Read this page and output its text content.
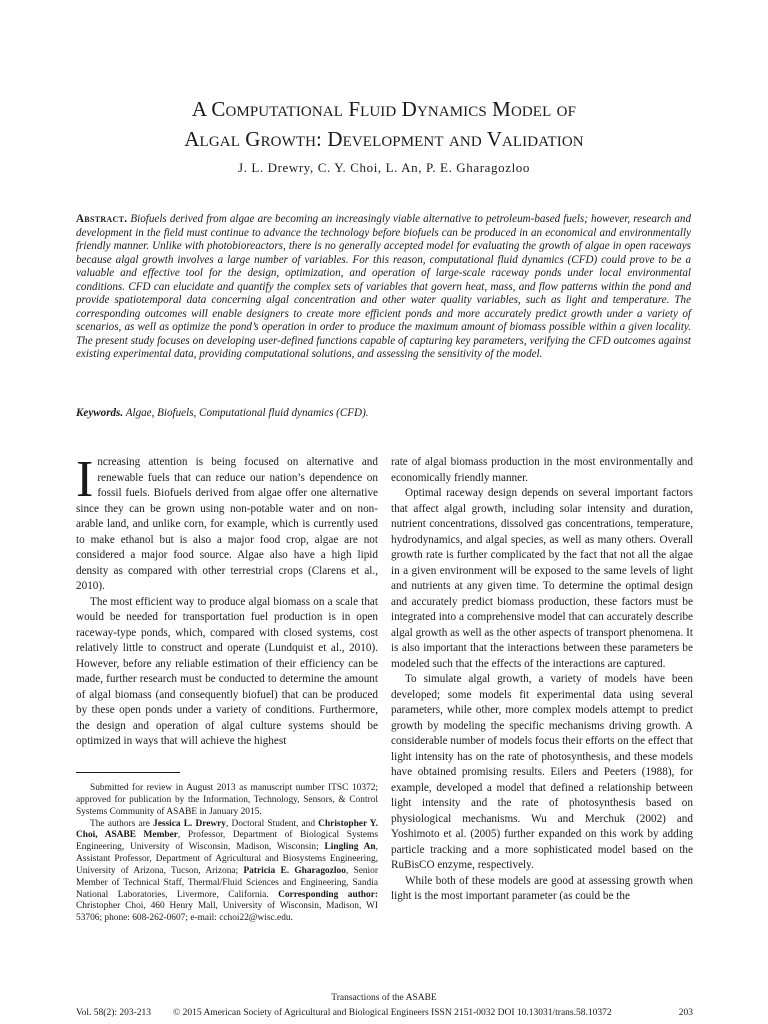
A Computational Fluid Dynamics Model of
Algal Growth: Development and Validation
J. L. Drewry, C. Y. Choi, L. An, P. E. Gharagozloo
Abstract. Biofuels derived from algae are becoming an increasingly viable alternative to petroleum-based fuels; however, research and development in the field must continue to advance the technology before biofuels can be produced in an economical and environmentally friendly manner. Unlike with photobioreactors, there is no generally accepted model for evaluating the growth of algae in open raceways because algal growth involves a large number of variables. For this reason, computational fluid dynamics (CFD) could prove to be a valuable and effective tool for the design, optimization, and operation of large-scale raceway ponds under local environmental conditions. CFD can elucidate and quantify the complex sets of variables that govern heat, mass, and flow patterns within the pond and provide spatiotemporal data concerning algal concentration and other water quality variables, such as light and temperature. The corresponding outcomes will enable designers to create more efficient ponds and more accurately predict growth under a variety of scenarios, as well as optimize the pond’s operation in order to produce the maximum amount of biomass possible within a given locality. The present study focuses on developing user-defined functions capable of capturing key parameters, verifying the CFD outcomes against existing experimental data, providing computational solutions, and assessing the sensitivity of the model.
Keywords. Algae, Biofuels, Computational fluid dynamics (CFD).

Increasing attention is being focused on alternative and renewable fuels that can reduce our nation’s dependence on fossil fuels. Biofuels derived from algae offer one alternative since they can be grown using non-potable water and on non-arable land, and unlike corn, for example, which is currently used to make ethanol but is also a major food crop, algae are not considered a major food source. Algae also have a high lipid density as compared with other terrestrial crops (Clarens et al., 2010).

The most efficient way to produce algal biomass on a scale that would be needed for transportation fuel production is in open raceway-type ponds, which, compared with closed systems, cost relatively little to construct and operate (Lundquist et al., 2010). However, before any reliable estimation of their efficiency can be made, further research must be conducted to determine the amount of algal biomass (and consequently biofuel) that can be produced by these open ponds under a variety of conditions. Furthermore, the design and operation of algal culture systems should be optimized in ways that will achieve the highest

Submitted for review in August 2013 as manuscript number ITSC 10372; approved for publication by the Information, Technology, Sensors, & Control Systems Community of ASABE in January 2015.

The authors are Jessica L. Drewry, Doctoral Student, and Christopher Y. Choi, ASABE Member, Professor, Department of Biological Systems Engineering, University of Wisconsin, Madison, Wisconsin; Lingling An, Assistant Professor, Department of Agricultural and Biosystems Engineering, University of Arizona, Tucson, Arizona; Patricia E. Gharagozloo, Senior Member of Technical Staff, Thermal/Fluid Sciences and Engineering, Sandia National Laboratories, Livermore, California. Corresponding author: Christopher Choi, 460 Henry Mall, University of Wisconsin, Madison, WI 53706; phone: 608-262-0607; e-mail: cchoi22@wisc.edu.

rate of algal biomass production in the most environmentally and economically friendly manner.

Optimal raceway design depends on several important factors that affect algal growth, including solar intensity and duration, nutrient concentrations, dissolved gas concentrations, temperature, hydrodynamics, and algal species, as well as many others. Overall growth rate is further complicated by the fact that not all the algae in a given environment will be exposed to the same levels of light and nutrients at any given time. To determine the optimal design and accurately predict biomass production, these factors must be integrated into a comprehensive model that can accurately describe algal growth as well as the other aspects of transport phenomena. It is also important that the interactions between these parameters be modeled such that the effects of the interactions are captured.

To simulate algal growth, a variety of models have been developed; some models fit experimental data using several parameters, while other, more complex models attempt to predict growth by modeling the specific mechanisms driving growth. A considerable number of models focus their efforts on the effect that light intensity has on the rate of photosynthesis, and these models have obtained promising results. Eilers and Peeters (1988), for example, developed a model that defined a relationship between light intensity and the rate of photosynthesis based on physiological mechanisms. Wu and Merchuk (2002) and Yoshimoto et al. (2005) further expanded on this work by adding particle tracking and a more sophisticated model based on the RuBisCO enzyme, respectively.

While both of these models are good at assessing growth when light is the most important parameter (as could be the

Transactions of the ASABE
Vol. 58(2): 203-213 © 2015 American Society of Agricultural and Biological Engineers ISSN 2151-0032 DOI 10.13031/trans.58.10372	203
